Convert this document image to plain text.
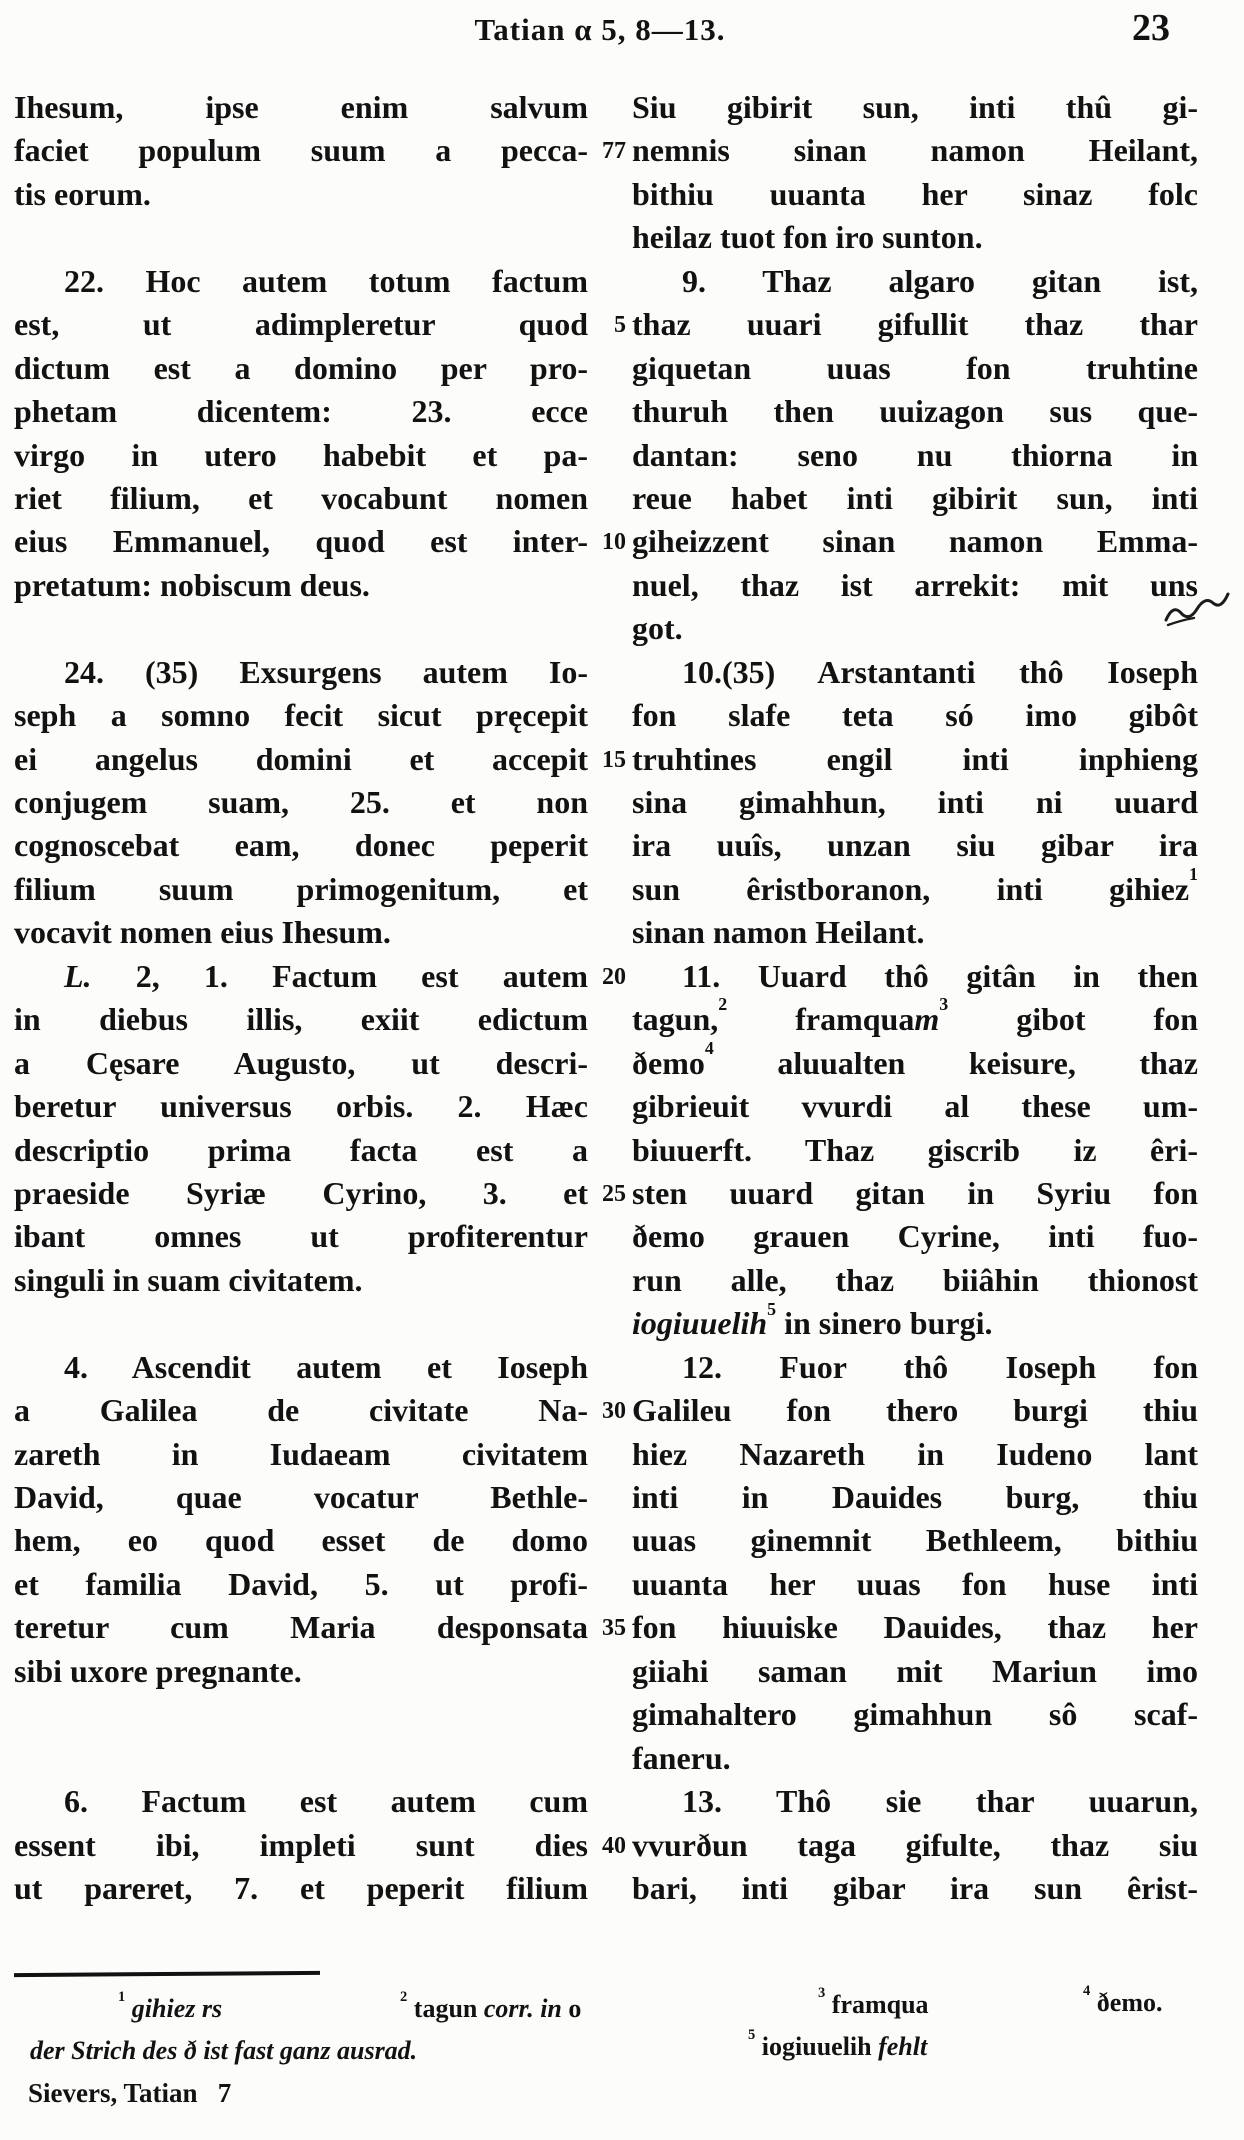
Tatian α 5, 8—13.	23
Ihesum, ipse enim salvum Siu gibirit sun, inti thû gi-
faciet populum suum a pecca- 77 nemnis sinan namon Heilant,
tis eorum.	bithiu uuanta her sinaz folc
heilaz tuot fon iro sunton.
22. Hoc autem totum factum	9. Thaz algaro gitan ist,
est, ut adimpleretur quod	5 thaz uuari gifullit thaz thar
dictum est a domino per pro- giquetan uuas fon truhtine
phetam dicentem: 23. ecce thuruh then uuizagon sus que-
virgo in utero habebit et pa- dantan: seno nu thiorna in
riet filium, et vocabunt nomen reue habet inti gibirit sun, inti
eius Emmanuel, quod est inter- 10 giheizzent sinan namon Emma-
pretatum: nobiscum deus.	nuel, thaz ist arrekit: mit uns
got.
24. (35) Exsurgens autem Io-	10.(35) Arstantanti thô Ioseph
seph a somno fecit sicut pręcepit fon slafe teta só imo gibôt
ei angelus domini et accepit 15 truhtines engil inti inphieng
conjugem suam, 25. et non sina gimahhun, inti ni uuard
cognoscebat eam, donec peperit ira uuîs, unzan siu gibar ira
filium suum primogenitum, et sun êristboranon, inti gihiez$^1$
vocavit nomen eius Ihesum.	sinan namon Heilant.
L. 2, 1. Factum est autem 20	11. Uuard thô gitân in then
in diebus illis, exiit edictum tagun,$^2$ framquam$^3$ gibot fon
a Cęsare Augusto, ut descri- ðemo$^4$ aluualten keisure, thaz
beretur universus orbis. 2. Hæc gibrieuit vvurdi al these um-
descriptio prima facta est a biuuerft. Thaz giscrib iz êri-
praeside Syriæ Cyrino, 3. et 25 sten uuard gitan in Syriu fon
ibant omnes ut profiterentur ðemo grauen Cyrine, inti fuo-
singuli in suam civitatem.	run alle, thaz biiâhin thionost
iogiuuelih$^5$ in sinero burgi.
4. Ascendit autem et Ioseph	12. Fuor thô Ioseph fon
a Galilea de civitate Na- 30 Galileu fon thero burgi thiu
zareth in Iudaeam civitatem hiez Nazareth in Iudeno lant
David, quae vocatur Bethle- inti in Dauides burg, thiu
hem, eo quod esset de domo uuas ginemnit Bethleem, bithiu
et familia David, 5. ut profi- uuanta her uuas fon huse inti
teretur cum Maria desponsata 35 fon hiuuiske Dauides, thaz her
sibi uxore pregnante.	giiahi saman mit Mariun imo
gimahaltero gimahhun sô scaf-
faneru.
6. Factum est autem cum	13. Thô sie thar uuarun,
essent ibi, impleti sunt dies 40 vvurðun taga gifulte, thaz siu
ut pareret, 7. et peperit filium bari, inti gibar ira sun êrist-
$^1$ gihiez rs	$^2$ tagun corr. in o
$^3$ framqua	$^4$ ðemo.
der Strich des ð ist fast ganz ausrad.
$^5$ iogiuuelih fehlt
Sievers, Tatian   7
